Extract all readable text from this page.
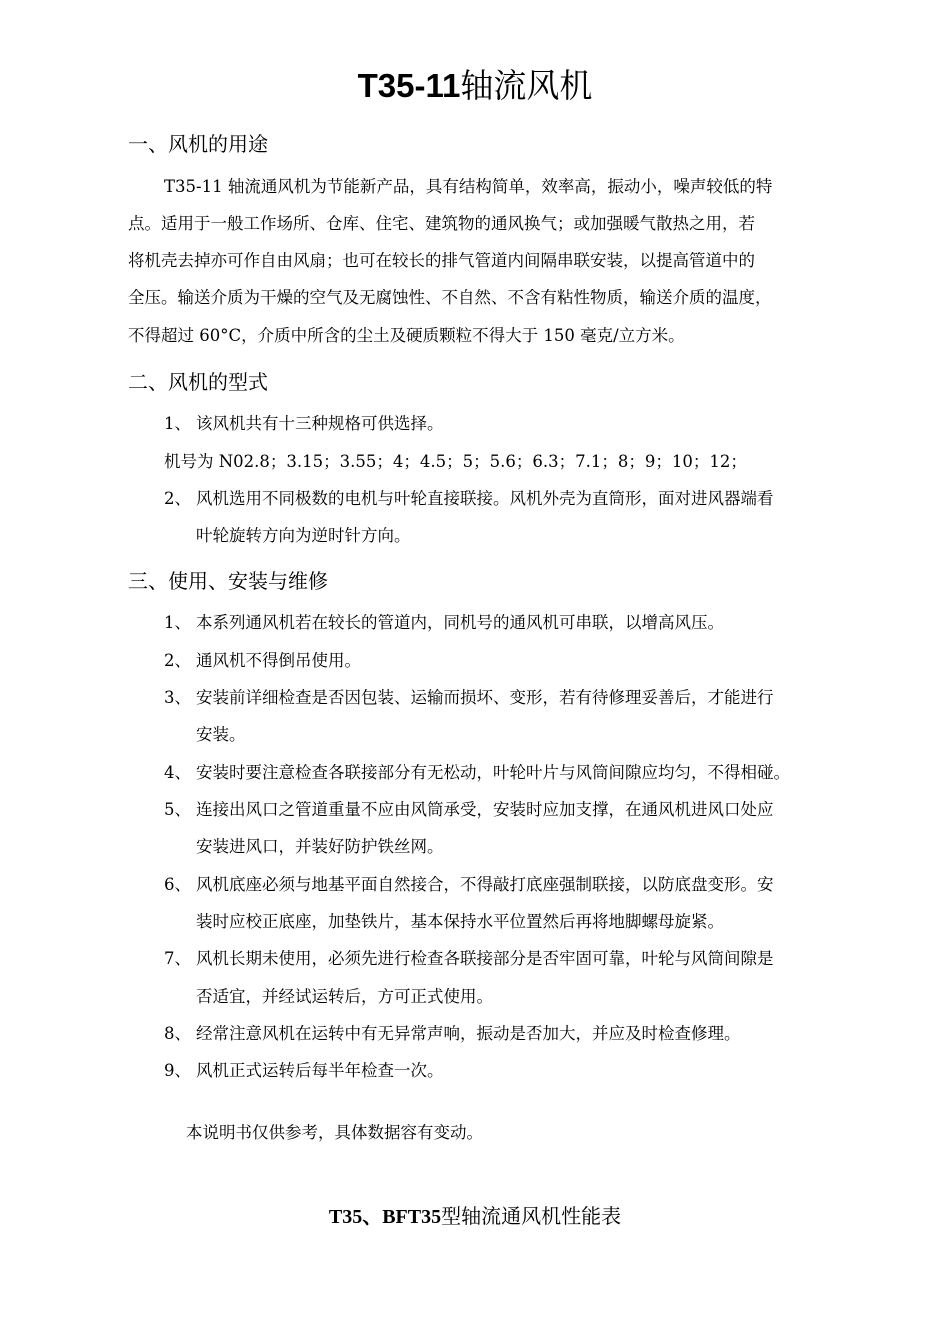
T35-11轴流风机
一、风机的用途
T35-11 轴流通风机为节能新产品，具有结构简单，效率高，振动小，噪声较低的特
点。适用于一般工作场所、仓库、住宅、建筑物的通风换气；或加强暖气散热之用，若
将机壳去掉亦可作自由风扇；也可在较长的排气管道内间隔串联安装，以提高管道中的
全压。输送介质为干燥的空气及无腐蚀性、不自然、不含有粘性物质，输送介质的温度，
不得超过 60°C，介质中所含的尘土及硬质颗粒不得大于 150 毫克/立方米。
二、风机的型式
1、 该风机共有十三种规格可供选择。
机号为 N02.8；3.15；3.55；4；4.5；5；5.6；6.3；7.1；8；9；10；12；
2、 风机选用不同极数的电机与叶轮直接联接。风机外壳为直筒形，面对进风器端看
叶轮旋转方向为逆时针方向。
三、使用、安装与维修
1、 本系列通风机若在较长的管道内，同机号的通风机可串联，以增高风压。
2、 通风机不得倒吊使用。
3、 安装前详细检查是否因包装、运输而损坏、变形，若有待修理妥善后，才能进行
安装。
4、 安装时要注意检查各联接部分有无松动，叶轮叶片与风筒间隙应均匀，不得相碰。
5、 连接出风口之管道重量不应由风筒承受，安装时应加支撑，在通风机进风口处应
安装进风口，并装好防护铁丝网。
6、 风机底座必须与地基平面自然接合，不得敲打底座强制联接，以防底盘变形。安
装时应校正底座，加垫铁片，基本保持水平位置然后再将地脚螺母旋紧。
7、 风机长期未使用，必须先进行检查各联接部分是否牢固可靠，叶轮与风筒间隙是
否适宜，并经试运转后，方可正式使用。
8、 经常注意风机在运转中有无异常声响，振动是否加大，并应及时检查修理。
9、 风机正式运转后每半年检查一次。
本说明书仅供参考，具体数据容有变动。
T35、BFT35型轴流通风机性能表
